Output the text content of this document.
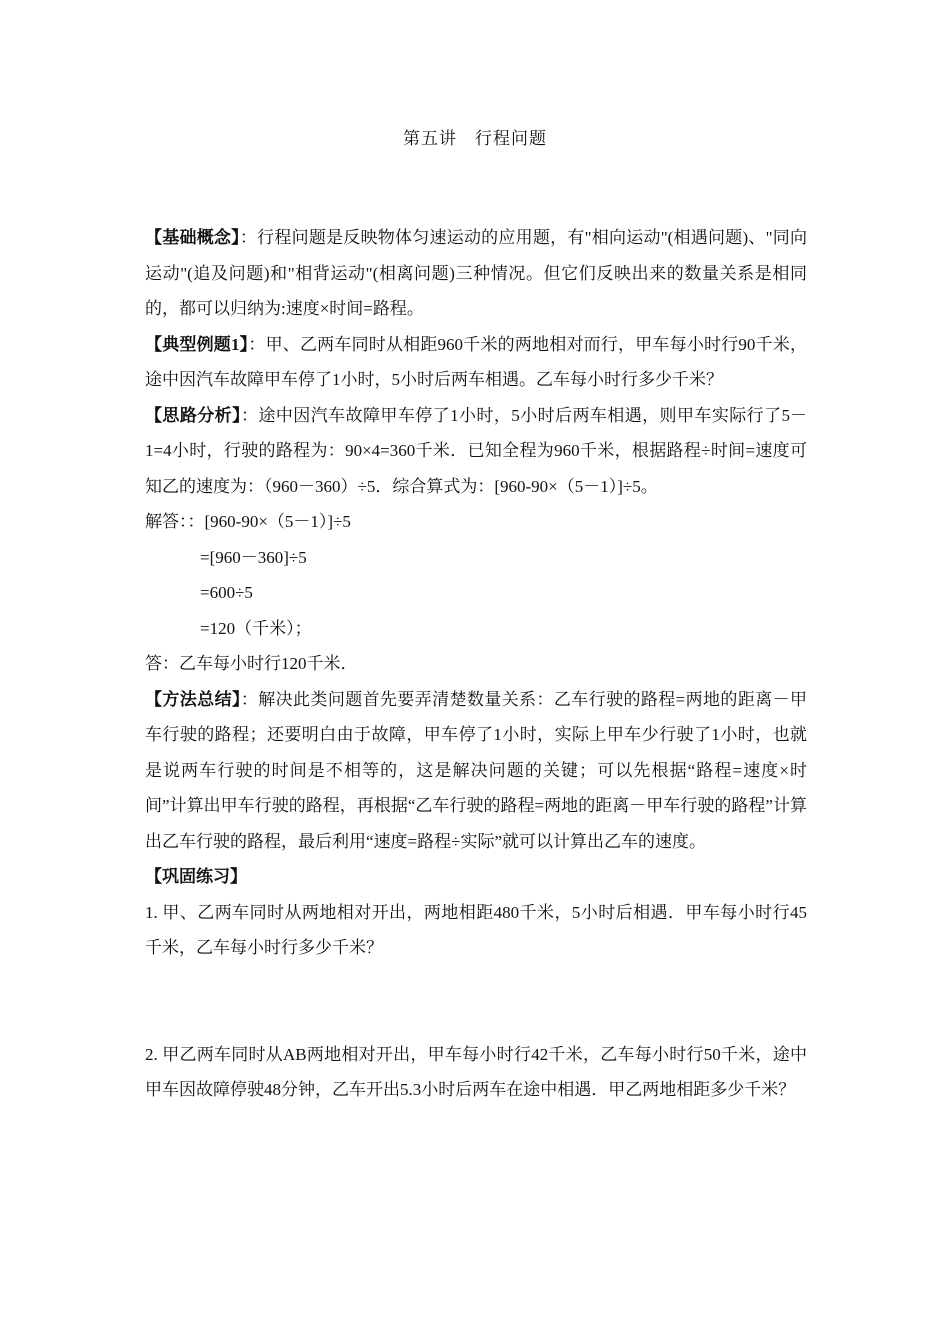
第五讲　行程问题

【基础概念】：行程问题是反映物体匀速运动的应用题，有"相向运动"(相遇问题)、"同向运动"(追及问题)和"相背运动"(相离问题)三种情况。但它们反映出来的数量关系是相同的，都可以归纳为:速度×时间=路程。

【典型例题1】：甲、乙两车同时从相距960千米的两地相对而行，甲车每小时行90千米，途中因汽车故障甲车停了1小时，5小时后两车相遇。乙车每小时行多少千米？

【思路分析】：途中因汽车故障甲车停了1小时，5小时后两车相遇，则甲车实际行了5－1=4小时，行驶的路程为：90×4=360千米．已知全程为960千米，根据路程÷时间=速度可知乙的速度为：（960－360）÷5．综合算式为：[960-90×（5－1）]÷5。

解答：：[960-90×（5－1）]÷5

=[960－360]÷5

=600÷5

=120（千米）；

答：乙车每小时行120千米．

【方法总结】：解决此类问题首先要弄清楚数量关系：乙车行驶的路程=两地的距离－甲车行驶的路程；还要明白由于故障，甲车停了1小时，实际上甲车少行驶了1小时，也就是说两车行驶的时间是不相等的，这是解决问题的关键；可以先根据“路程=速度×时间”计算出甲车行驶的路程，再根据“乙车行驶的路程=两地的距离－甲车行驶的路程”计算出乙车行驶的路程，最后利用“速度=路程÷实际”就可以计算出乙车的速度。

【巩固练习】

1. 甲、乙两车同时从两地相对开出，两地相距480千米，5小时后相遇．甲车每小时行45千米，乙车每小时行多少千米？

2. 甲乙两车同时从AB两地相对开出，甲车每小时行42千米，乙车每小时行50千米，途中甲车因故障停驶48分钟，乙车开出5.3小时后两车在途中相遇．甲乙两地相距多少千米？
